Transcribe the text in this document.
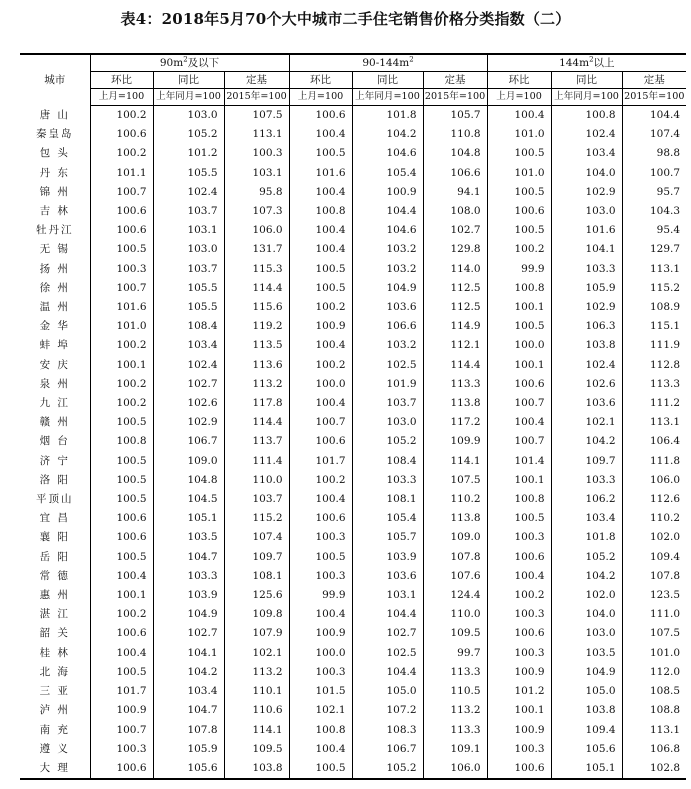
表4：2018年5月70个大中城市二手住宅销售价格分类指数（二）
城市	$90m^2$及以下			$90-144m^2$			$144m^2$以上		
	环比	同比	定基	环比	同比	定基	环比	同比	定基
	上月=100	上年同月=100	2015年=100	上月=100	上年同月=100	2015年=100	上月=100	上年同月=100	2015年=100
唐 山	100.2	103.0	107.5	100.6	101.8	105.7	100.4	100.8	104.4
秦皇岛	100.6	105.2	113.1	100.4	104.2	110.8	101.0	102.4	107.4
包 头	100.2	101.2	100.3	100.5	104.6	104.8	100.5	103.4	98.8
丹 东	101.1	105.5	103.1	101.6	105.4	106.6	101.0	104.0	100.7
锦 州	100.7	102.4	95.8	100.4	100.9	94.1	100.5	102.9	95.7
吉 林	100.6	103.7	107.3	100.8	104.4	108.0	100.6	103.0	104.3
牡丹江	100.6	103.1	106.0	100.4	104.6	102.7	100.5	101.6	95.4
无 锡	100.5	103.0	131.7	100.4	103.2	129.8	100.2	104.1	129.7
扬 州	100.3	103.7	115.3	100.5	103.2	114.0	99.9	103.3	113.1
徐 州	100.7	105.5	114.4	100.5	104.9	112.5	100.8	105.9	115.2
温 州	101.6	105.5	115.6	100.2	103.6	112.5	100.1	102.9	108.9
金 华	101.0	108.4	119.2	100.9	106.6	114.9	100.5	106.3	115.1
蚌 埠	100.2	103.4	113.5	100.4	103.2	112.1	100.0	103.8	111.9
安 庆	100.1	102.4	113.6	100.2	102.5	114.4	100.1	102.4	112.8
泉 州	100.2	102.7	113.2	100.0	101.9	113.3	100.6	102.6	113.3
九 江	100.2	102.6	117.8	100.4	103.7	113.8	100.7	103.6	111.2
赣 州	100.5	102.9	114.4	100.7	103.0	117.2	100.4	102.1	113.1
烟 台	100.8	106.7	113.7	100.6	105.2	109.9	100.7	104.2	106.4
济 宁	100.5	109.0	111.4	101.7	108.4	114.1	101.4	109.7	111.8
洛 阳	100.5	104.8	110.0	100.2	103.3	107.5	100.1	103.3	106.0
平顶山	100.5	104.5	103.7	100.4	108.1	110.2	100.8	106.2	112.6
宜 昌	100.6	105.1	115.2	100.6	105.4	113.8	100.5	103.4	110.2
襄 阳	100.6	103.5	107.4	100.3	105.7	109.0	100.3	101.8	102.0
岳 阳	100.5	104.7	109.7	100.5	103.9	107.8	100.6	105.2	109.4
常 德	100.4	103.3	108.1	100.3	103.6	107.6	100.4	104.2	107.8
惠 州	100.1	103.9	125.6	99.9	103.1	124.4	100.2	102.0	123.5
湛 江	100.2	104.9	109.8	100.4	104.4	110.0	100.3	104.0	111.0
韶 关	100.6	102.7	107.9	100.9	102.7	109.5	100.6	103.0	107.5
桂 林	100.4	104.1	102.1	100.0	102.5	99.7	100.3	103.5	101.0
北 海	100.5	104.2	113.2	100.3	104.4	113.3	100.9	104.9	112.0
三 亚	101.7	103.4	110.1	101.5	105.0	110.5	101.2	105.0	108.5
泸 州	100.9	104.7	110.6	102.1	107.2	113.2	100.1	103.8	108.8
南 充	100.7	107.8	114.1	100.8	108.3	113.3	100.9	109.4	113.1
遵 义	100.3	105.9	109.5	100.4	106.7	109.1	100.3	105.6	106.8
大 理	100.6	105.6	103.8	100.5	105.2	106.0	100.6	105.1	102.8
